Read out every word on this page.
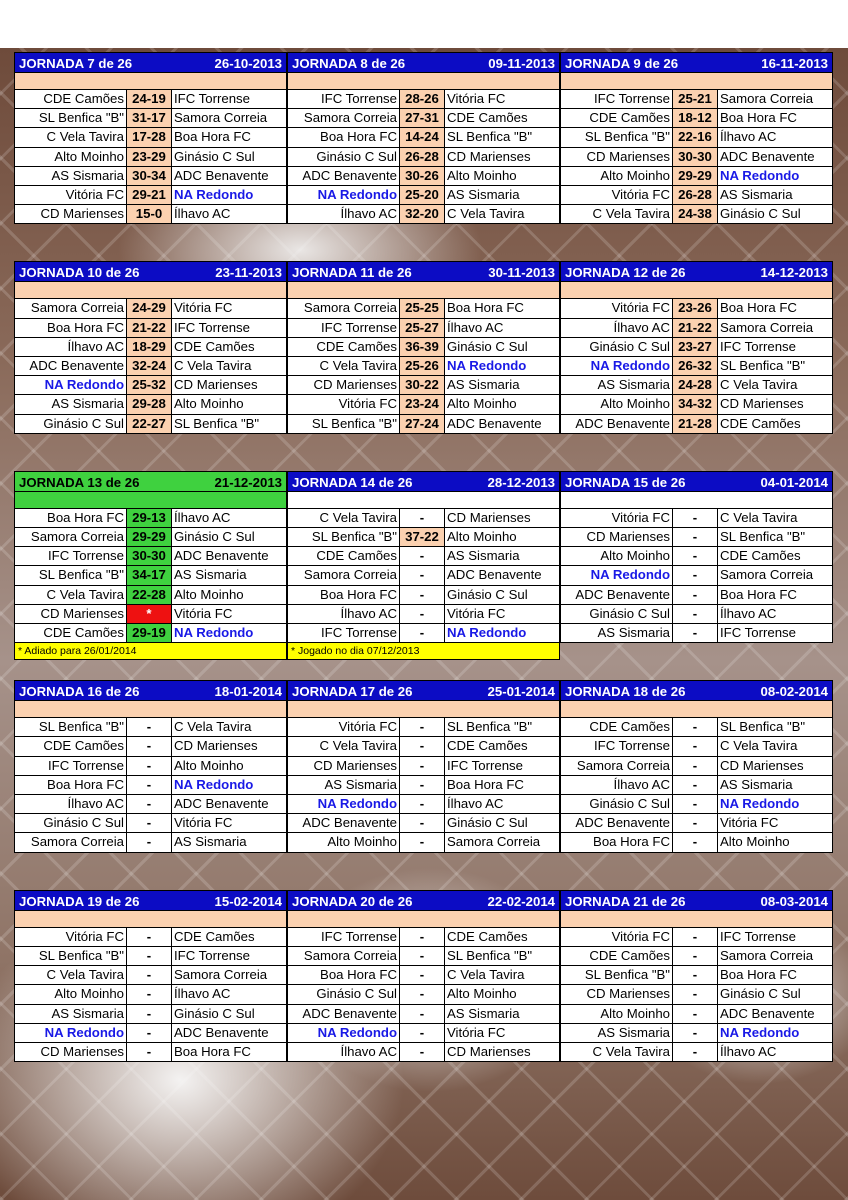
JORNADA 7 de 26	26-10-2013
CDE Camões	24-19	IFC Torrense
SL Benfica "B"	31-17	Samora Correia
C Vela Tavira	17-28	Boa Hora FC
Alto Moinho	23-29	Ginásio C Sul
AS Sismaria	30-34	ADC Benavente
Vitória FC	29-21	NA Redondo
CD Marienses	15-0	Ílhavo AC
JORNADA 8 de 26	09-11-2013
IFC Torrense	28-26	Vitória FC
Samora Correia	27-31	CDE Camões
Boa Hora FC	14-24	SL Benfica "B"
Ginásio C Sul	26-28	CD Marienses
ADC Benavente	30-26	Alto Moinho
NA Redondo	25-20	AS Sismaria
Ílhavo AC	32-20	C Vela Tavira
JORNADA 9 de 26	16-11-2013
IFC Torrense	25-21	Samora Correia
CDE Camões	18-12	Boa Hora FC
SL Benfica "B"	22-16	Ílhavo AC
CD Marienses	30-30	ADC Benavente
Alto Moinho	29-29	NA Redondo
Vitória FC	26-28	AS Sismaria
C Vela Tavira	24-38	Ginásio C Sul
JORNADA 10 de 26	23-11-2013
Samora Correia	24-29	Vitória FC
Boa Hora FC	21-22	IFC Torrense
Ílhavo AC	18-29	CDE Camões
ADC Benavente	32-24	C Vela Tavira
NA Redondo	25-32	CD Marienses
AS Sismaria	29-28	Alto Moinho
Ginásio C Sul	22-27	SL Benfica "B"
JORNADA 11 de 26	30-11-2013
Samora Correia	25-25	Boa Hora FC
IFC Torrense	25-27	Ílhavo AC
CDE Camões	36-39	Ginásio C Sul
C Vela Tavira	25-26	NA Redondo
CD Marienses	30-22	AS Sismaria
Vitória FC	23-24	Alto Moinho
SL Benfica "B"	27-24	ADC Benavente
JORNADA 12 de 26	14-12-2013
Vitória FC	23-26	Boa Hora FC
Ílhavo AC	21-22	Samora Correia
Ginásio C Sul	23-27	IFC Torrense
NA Redondo	26-32	SL Benfica "B"
AS Sismaria	24-28	C Vela Tavira
Alto Moinho	34-32	CD Marienses
ADC Benavente	21-28	CDE Camões
JORNADA 13 de 26	21-12-2013
Boa Hora FC	29-13	Ílhavo AC
Samora Correia	29-29	Ginásio C Sul
IFC Torrense	30-30	ADC Benavente
SL Benfica "B"	34-17	AS Sismaria
C Vela Tavira	22-28	Alto Moinho
CD Marienses	*	Vitória FC
CDE Camões	29-19	NA Redondo
* Adiado para 26/01/2014
JORNADA 14 de 26	28-12-2013
C Vela Tavira	-	CD Marienses
SL Benfica "B"	37-22	Alto Moinho
CDE Camões	-	AS Sismaria
Samora Correia	-	ADC Benavente
Boa Hora FC	-	Ginásio C Sul
Ílhavo AC	-	Vitória FC
IFC Torrense	-	NA Redondo
* Jogado no dia 07/12/2013
JORNADA 15 de 26	04-01-2014
Vitória FC	-	C Vela Tavira
CD Marienses	-	SL Benfica "B"
Alto Moinho	-	CDE Camões
NA Redondo	-	Samora Correia
ADC Benavente	-	Boa Hora FC
Ginásio C Sul	-	Ílhavo AC
AS Sismaria	-	IFC Torrense
JORNADA 16 de 26	18-01-2014
SL Benfica "B"	-	C Vela Tavira
CDE Camões	-	CD Marienses
IFC Torrense	-	Alto Moinho
Boa Hora FC	-	NA Redondo
Ílhavo AC	-	ADC Benavente
Ginásio C Sul	-	Vitória FC
Samora Correia	-	AS Sismaria
JORNADA 17 de 26	25-01-2014
Vitória FC	-	SL Benfica "B"
C Vela Tavira	-	CDE Camões
CD Marienses	-	IFC Torrense
AS Sismaria	-	Boa Hora FC
NA Redondo	-	Ílhavo AC
ADC Benavente	-	Ginásio C Sul
Alto Moinho	-	Samora Correia
JORNADA 18 de 26	08-02-2014
CDE Camões	-	SL Benfica "B"
IFC Torrense	-	C Vela Tavira
Samora Correia	-	CD Marienses
Ílhavo AC	-	AS Sismaria
Ginásio C Sul	-	NA Redondo
ADC Benavente	-	Vitória FC
Boa Hora FC	-	Alto Moinho
JORNADA 19 de 26	15-02-2014
Vitória FC	-	CDE Camões
SL Benfica "B"	-	IFC Torrense
C Vela Tavira	-	Samora Correia
Alto Moinho	-	Ílhavo AC
AS Sismaria	-	Ginásio C Sul
NA Redondo	-	ADC Benavente
CD Marienses	-	Boa Hora FC
JORNADA 20 de 26	22-02-2014
IFC Torrense	-	CDE Camões
Samora Correia	-	SL Benfica "B"
Boa Hora FC	-	C Vela Tavira
Ginásio C Sul	-	Alto Moinho
ADC Benavente	-	AS Sismaria
NA Redondo	-	Vitória FC
Ílhavo AC	-	CD Marienses
JORNADA 21 de 26	08-03-2014
Vitória FC	-	IFC Torrense
CDE Camões	-	Samora Correia
SL Benfica "B"	-	Boa Hora FC
CD Marienses	-	Ginásio C Sul
Alto Moinho	-	ADC Benavente
AS Sismaria	-	NA Redondo
C Vela Tavira	-	Ílhavo AC
